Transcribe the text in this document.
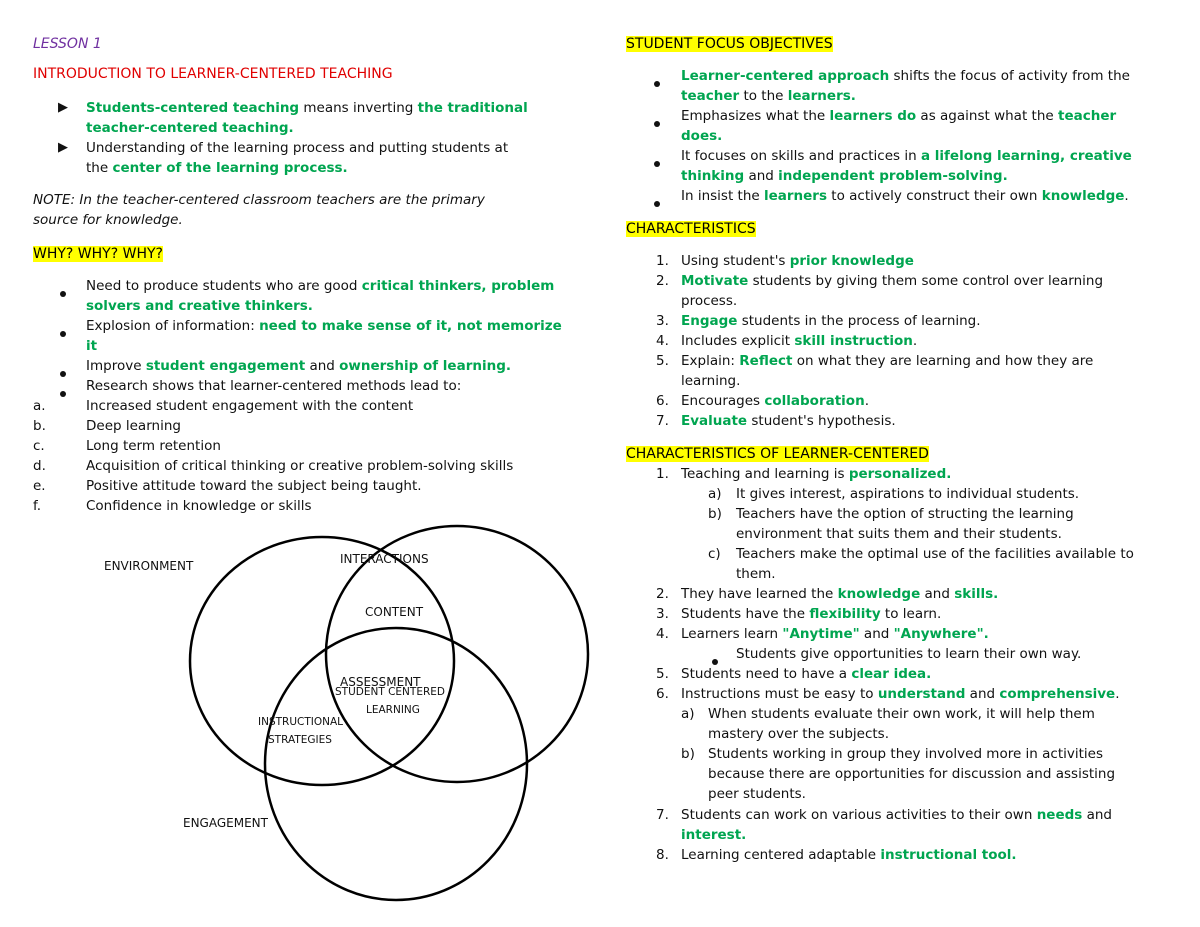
LESSON 1
INTRODUCTION TO LEARNER-CENTERED TEACHING
▶ Students-centered teaching means inverting the traditional
teacher-centered teaching.
▶ Understanding of the learning process and putting students at
the center of the learning process.
NOTE: In the teacher-centered classroom teachers are the primary
source for knowledge.
WHY? WHY? WHY?
Need to produce students who are good critical thinkers, problem
solvers and creative thinkers.
Explosion of information: need to make sense of it, not memorize
it
Improve student engagement and ownership of learning.
Research shows that learner-centered methods lead to:
a.	Increased student engagement with the content
b.	Deep learning
c.	Long term retention
d.	Acquisition of critical thinking or creative problem-solving skills
e.	Positive attitude toward the subject being taught.
f.	Confidence in knowledge or skills
ENVIRONMENT	INTERACTIONS
CONTENT
ASSESSMENT
STUDENT CENTERED
LEARNING
INSTRUCTIONAL
STRATEGIES
ENGAGEMENT
STUDENT FOCUS OBJECTIVES
Learner-centered approach shifts the focus of activity from the
teacher to the learners.
Emphasizes what the learners do as against what the teacher
does.
It focuses on skills and practices in a lifelong learning, creative
thinking and independent problem-solving.
In insist the learners to actively construct their own knowledge.
CHARACTERISTICS
1. Using student's prior knowledge
2. Motivate students by giving them some control over learning
process.
3. Engage students in the process of learning.
4. Includes explicit skill instruction.
5. Explain: Reflect on what they are learning and how they are
learning.
6. Encourages collaboration.
7. Evaluate student's hypothesis.
CHARACTERISTICS OF LEARNER-CENTERED
1. Teaching and learning is personalized.
a) It gives interest, aspirations to individual students.
b) Teachers have the option of structing the learning
environment that suits them and their students.
c) Teachers make the optimal use of the facilities available to
them.
2. They have learned the knowledge and skills.
3. Students have the flexibility to learn.
4. Learners learn "Anytime" and "Anywhere".
Students give opportunities to learn their own way.
5. Students need to have a clear idea.
6. Instructions must be easy to understand and comprehensive.
a) When students evaluate their own work, it will help them
mastery over the subjects.
b) Students working in group they involved more in activities
because there are opportunities for discussion and assisting
peer students.
7. Students can work on various activities to their own needs and
interest.
8. Learning centered adaptable instructional tool.
